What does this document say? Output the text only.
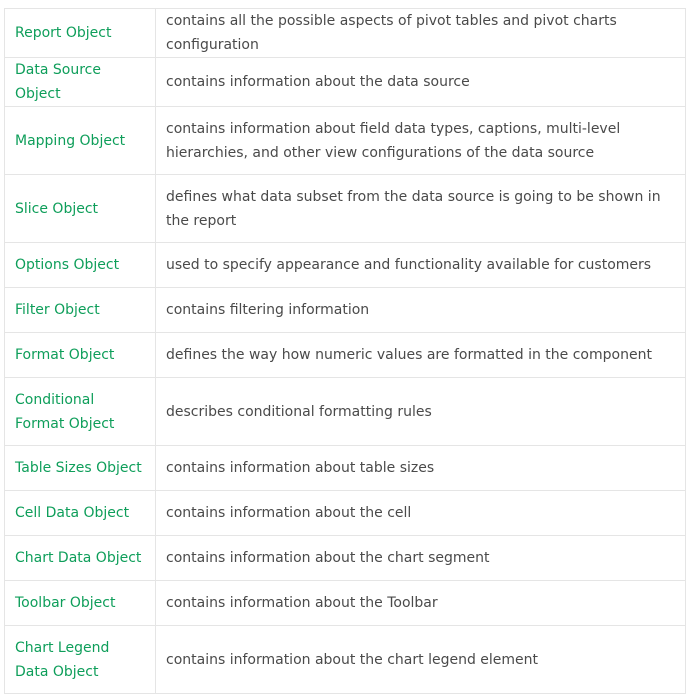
Report Object	contains all the possible aspects of pivot tables and pivot charts configuration
Data Source Object	contains information about the data source
Mapping Object	contains information about field data types, captions, multi-level hierarchies, and other view configurations of the data source
Slice Object	defines what data subset from the data source is going to be shown in the report
Options Object	used to specify appearance and functionality available for customers
Filter Object	contains filtering information
Format Object	defines the way how numeric values are formatted in the component
Conditional Format Object	describes conditional formatting rules
Table Sizes Object	contains information about table sizes
Cell Data Object	contains information about the cell
Chart Data Object	contains information about the chart segment
Toolbar Object	contains information about the Toolbar
Chart Legend Data Object	contains information about the chart legend element
